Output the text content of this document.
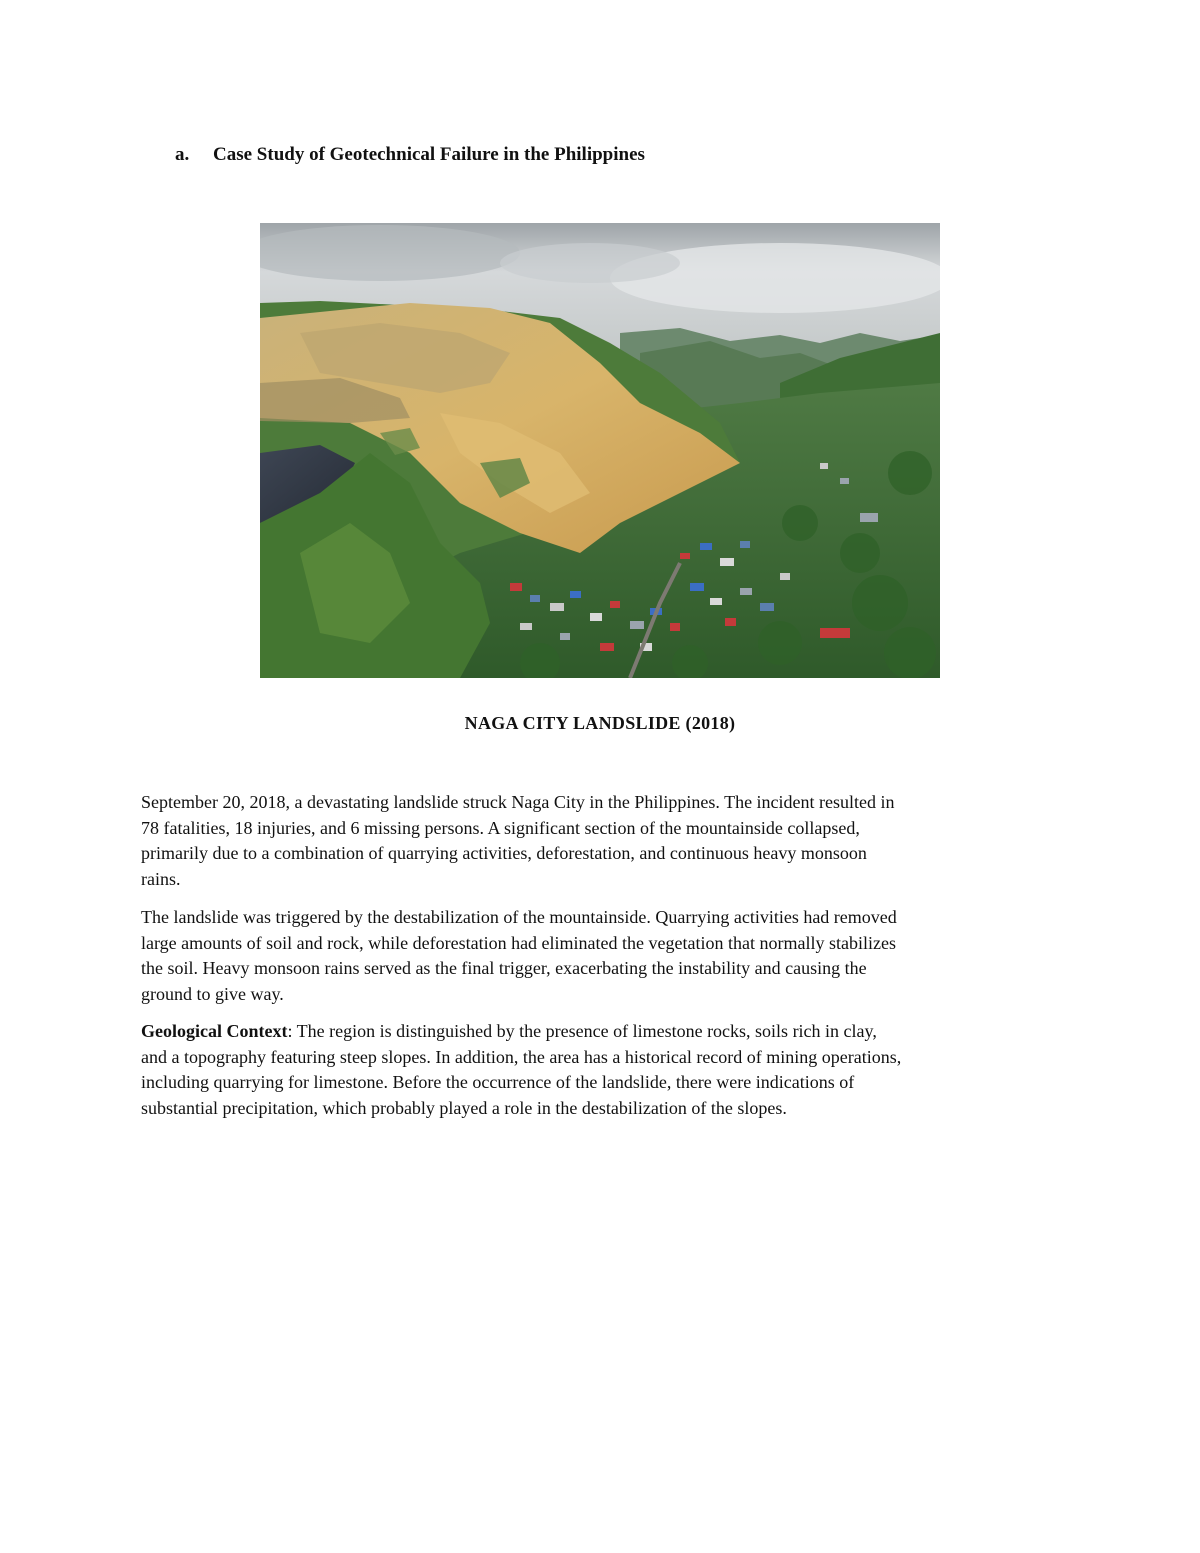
a. Case Study of Geotechnical Failure in the Philippines
NAGA CITY LANDSLIDE (2018)

September 20, 2018, a devastating landslide struck Naga City in the Philippines. The incident resulted in

78 fatalities, 18 injuries, and 6 missing persons. A significant section of the mountainside collapsed,

primarily due to a combination of quarrying activities, deforestation, and continuous heavy monsoon

rains.

The landslide was triggered by the destabilization of the mountainside. Quarrying activities had removed

large amounts of soil and rock, while deforestation had eliminated the vegetation that normally stabilizes

the soil. Heavy monsoon rains served as the final trigger, exacerbating the instability and causing the

ground to give way.

Geological Context: The region is distinguished by the presence of limestone rocks, soils rich in clay,

and a topography featuring steep slopes. In addition, the area has a historical record of mining operations,

including quarrying for limestone. Before the occurrence of the landslide, there were indications of

substantial precipitation, which probably played a role in the destabilization of the slopes.
